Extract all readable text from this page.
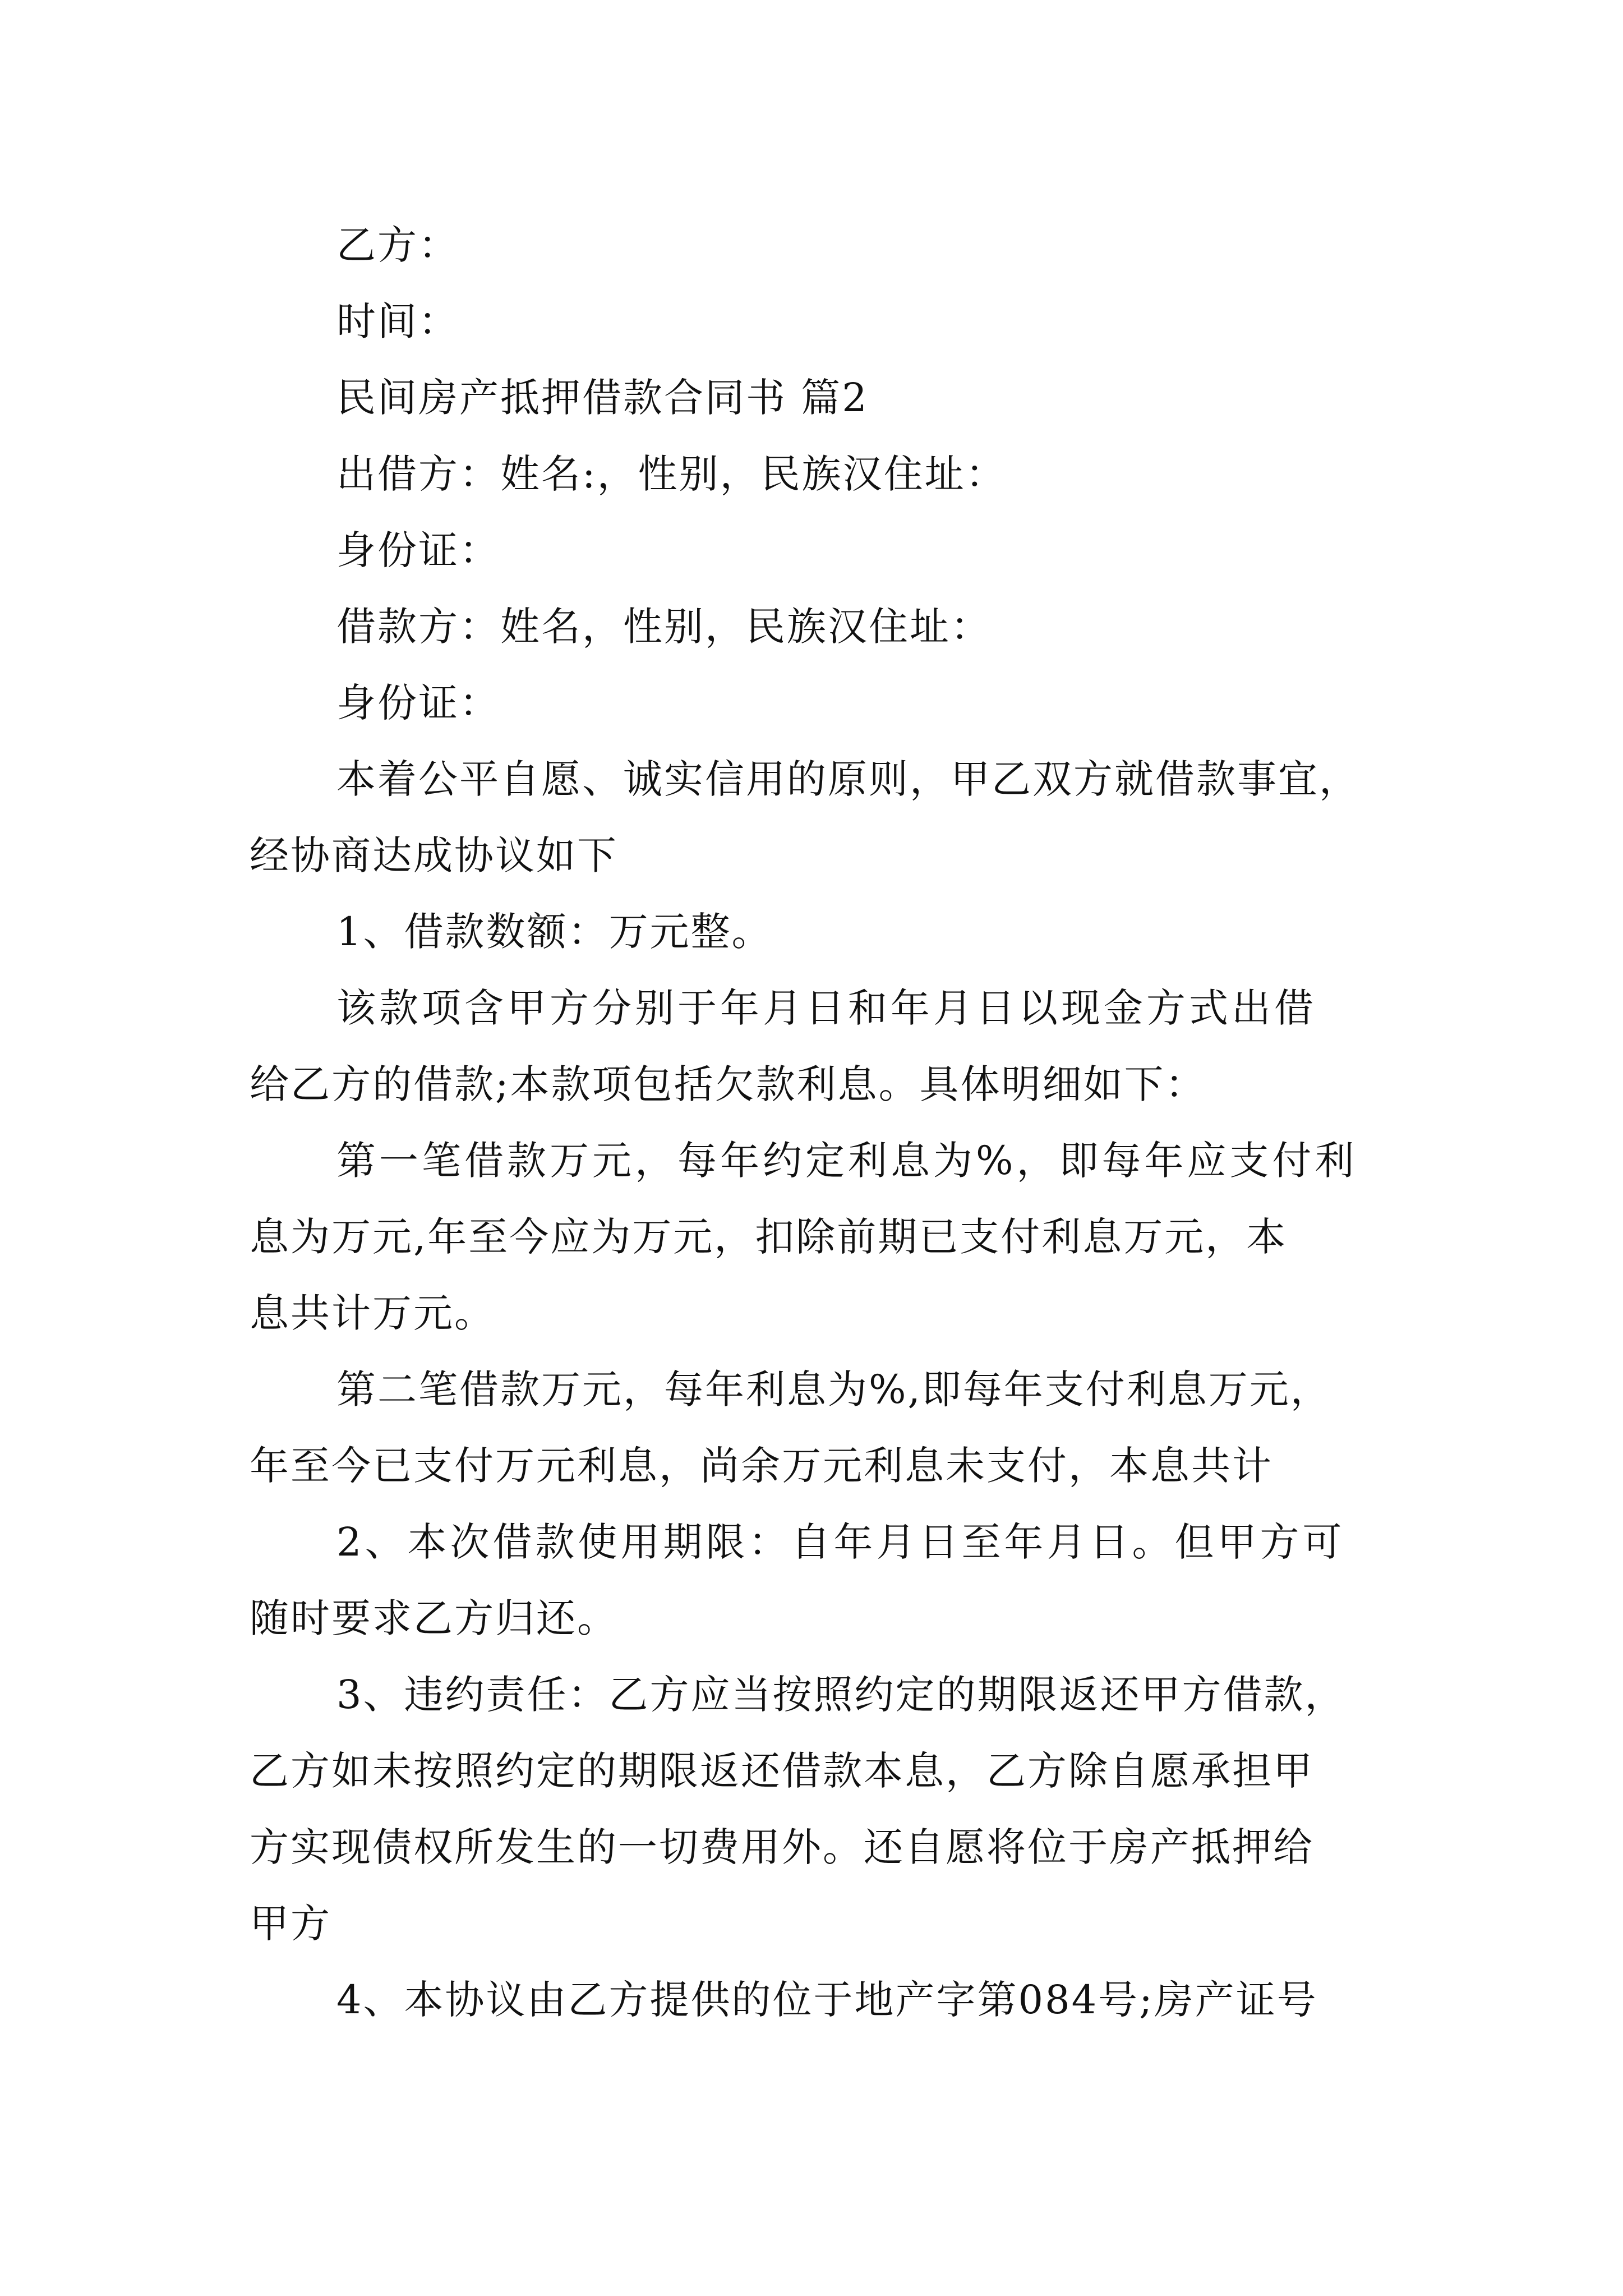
乙方：

时间：

民间房产抵押借款合同书 篇2

出借方：姓名:，性别，民族汉住址：

身份证：

借款方：姓名，性别，民族汉住址：

身份证：

本着公平自愿、诚实信用的原则，甲乙双方就借款事宜，

经协商达成协议如下

1、借款数额：万元整。

该款项含甲方分别于年月日和年月日以现金方式出借

给乙方的借款;本款项包括欠款利息。具体明细如下：

第一笔借款万元，每年约定利息为%，即每年应支付利

息为万元,年至今应为万元，扣除前期已支付利息万元，本

息共计万元。

第二笔借款万元，每年利息为%,即每年支付利息万元，

年至今已支付万元利息，尚余万元利息未支付，本息共计

2、本次借款使用期限：自年月日至年月日。但甲方可

随时要求乙方归还。

3、违约责任：乙方应当按照约定的期限返还甲方借款，

乙方如未按照约定的期限返还借款本息，乙方除自愿承担甲

方实现债权所发生的一切费用外。还自愿将位于房产抵押给

甲方

4、本协议由乙方提供的位于地产字第084号;房产证号
